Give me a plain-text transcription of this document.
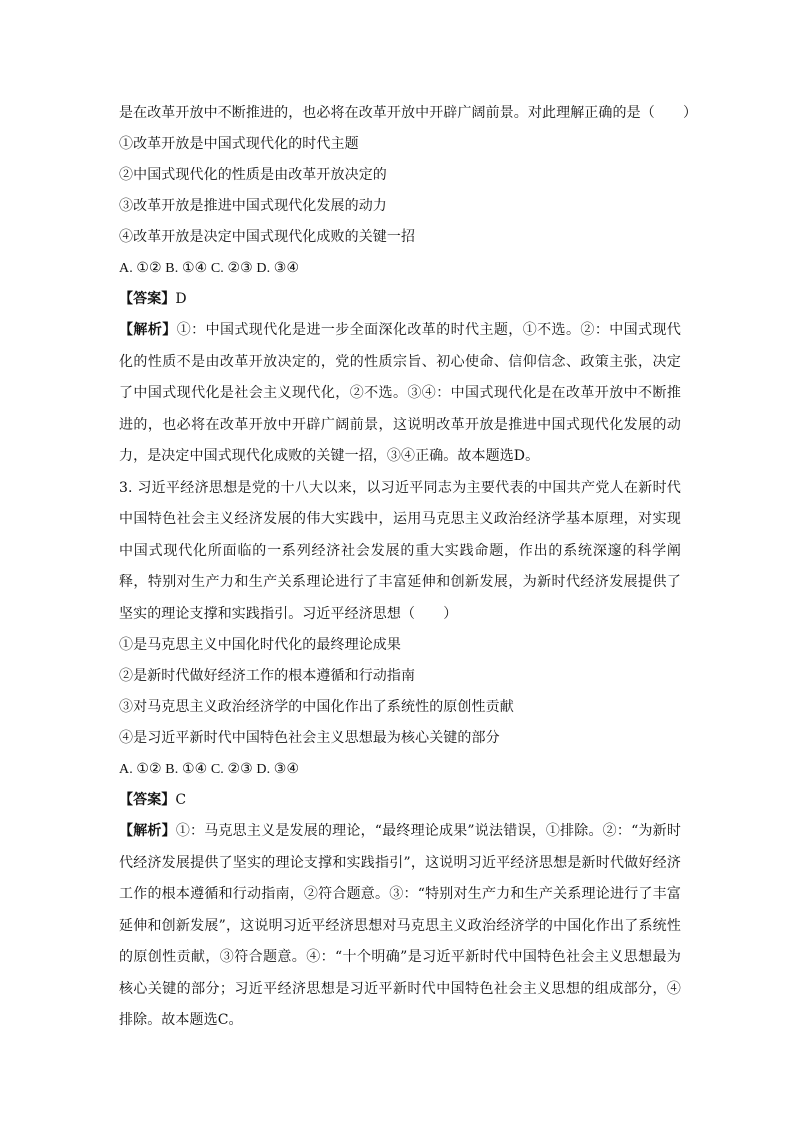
是在改革开放中不断推进的，也必将在改革开放中开辟广阔前景。对此理解正确的是（　　）
①改革开放是中国式现代化的时代主题
②中国式现代化的性质是由改革开放决定的
③改革开放是推进中国式现代化发展的动力
④改革开放是决定中国式现代化成败的关键一招
A. ①② B. ①④ C. ②③ D. ③④
【答案】D
【解析】①：中国式现代化是进一步全面深化改革的时代主题，①不选。②：中国式现代化的性质不是由改革开放决定的，党的性质宗旨、初心使命、信仰信念、政策主张，决定了中国式现代化是社会主义现代化，②不选。③④：中国式现代化是在改革开放中不断推进的，也必将在改革开放中开辟广阔前景，这说明改革开放是推进中国式现代化发展的动力，是决定中国式现代化成败的关键一招，③④正确。故本题选D。
3. 习近平经济思想是党的十八大以来，以习近平同志为主要代表的中国共产党人在新时代中国特色社会主义经济发展的伟大实践中，运用马克思主义政治经济学基本原理，对实现中国式现代化所面临的一系列经济社会发展的重大实践命题，作出的系统深邃的科学阐释，特别对生产力和生产关系理论进行了丰富延伸和创新发展，为新时代经济发展提供了坚实的理论支撑和实践指引。习近平经济思想（　　）
①是马克思主义中国化时代化的最终理论成果
②是新时代做好经济工作的根本遵循和行动指南
③对马克思主义政治经济学的中国化作出了系统性的原创性贡献
④是习近平新时代中国特色社会主义思想最为核心关键的部分
A. ①② B. ①④ C. ②③ D. ③④
【答案】C
【解析】①：马克思主义是发展的理论，“最终理论成果”说法错误，①排除。②：“为新时代经济发展提供了坚实的理论支撑和实践指引”，这说明习近平经济思想是新时代做好经济工作的根本遵循和行动指南，②符合题意。③：“特别对生产力和生产关系理论进行了丰富延伸和创新发展”，这说明习近平经济思想对马克思主义政治经济学的中国化作出了系统性的原创性贡献，③符合题意。④：“十个明确”是习近平新时代中国特色社会主义思想最为核心关键的部分；习近平经济思想是习近平新时代中国特色社会主义思想的组成部分，④排除。故本题选C。
